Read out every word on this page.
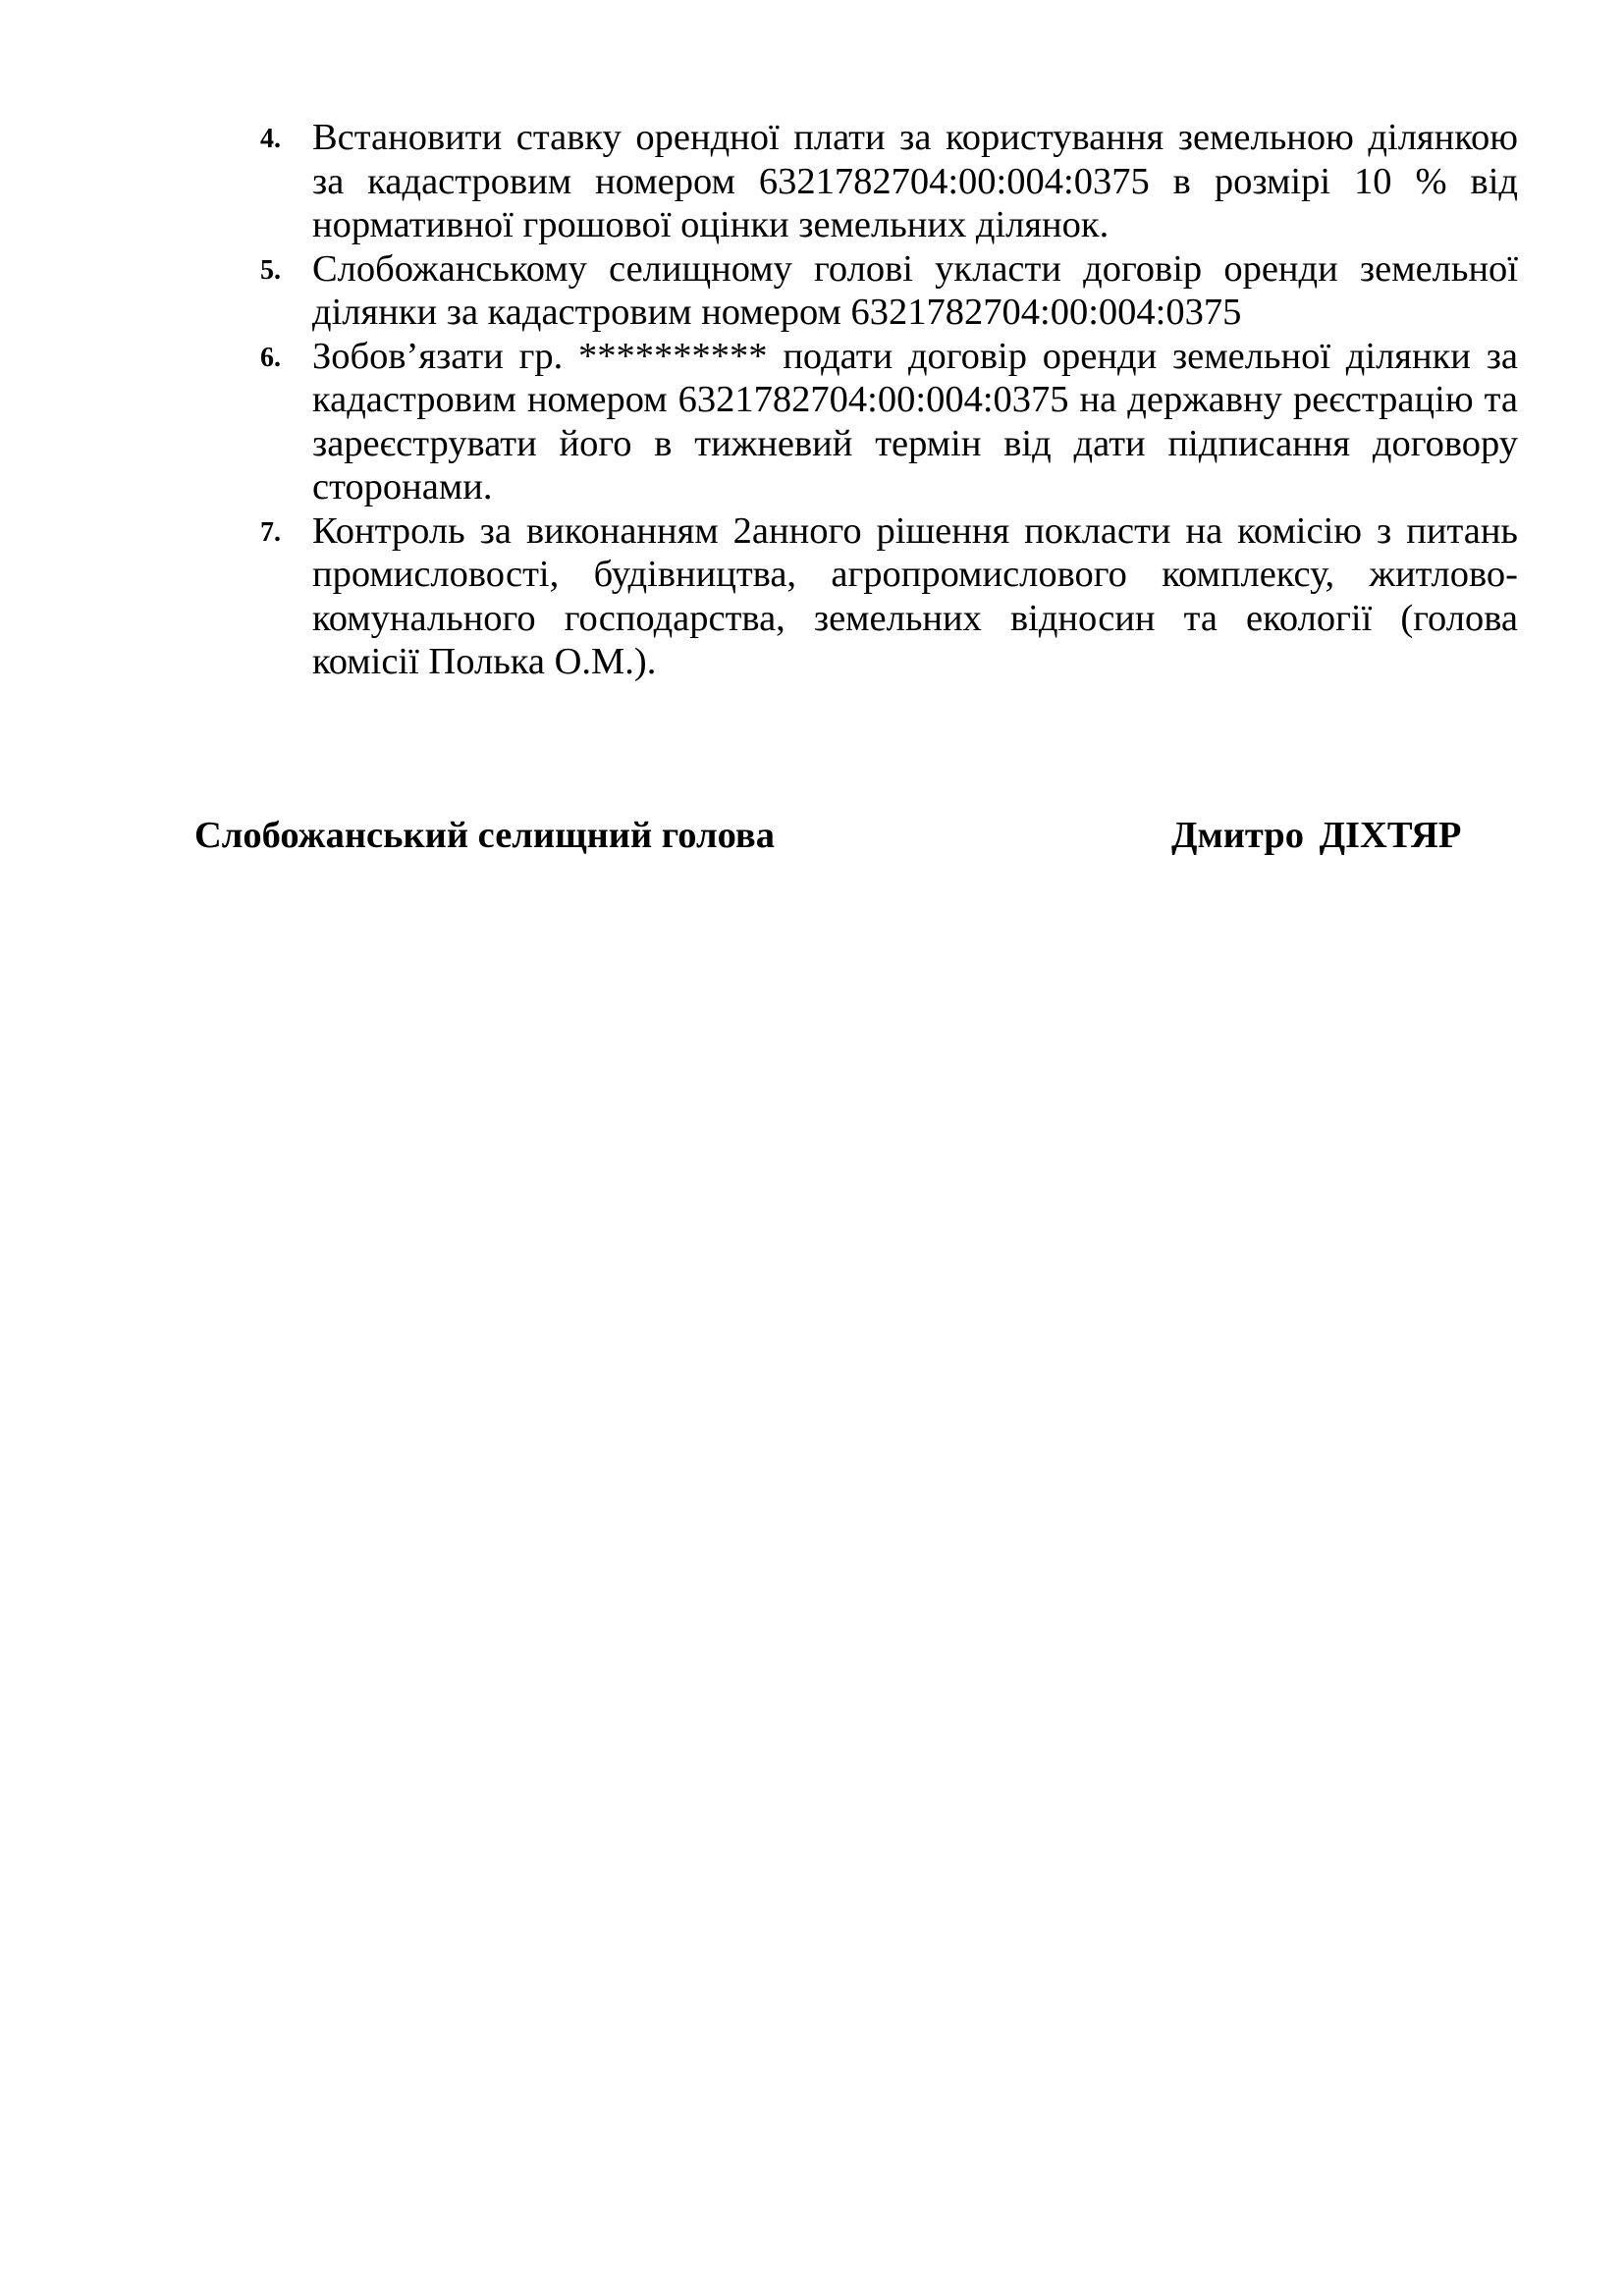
4. Встановити ставку орендної плати за користування земельною ділянкою за кадастровим номером 6321782704:00:004:0375 в розмірі 10 % від нормативної грошової оцінки земельних ділянок.
5. Слобожанському селищному голові укласти договір оренди земельної ділянки за кадастровим номером 6321782704:00:004:0375
6. Зобов’язати гр. ********** подати договір оренди земельної ділянки за кадастровим номером 6321782704:00:004:0375 на державну реєстрацію та зареєструвати його в тижневий термін від дати підписання договору сторонами.
7. Контроль за виконанням 2анного рішення покласти на комісію з питань промисловості, будівництва, агропромислового комплексу, житлово-комунального господарства, земельних відносин та екології (голова комісії Полька О.М.).
Слобожанський селищний голова	Дмитро ДІХТЯР
